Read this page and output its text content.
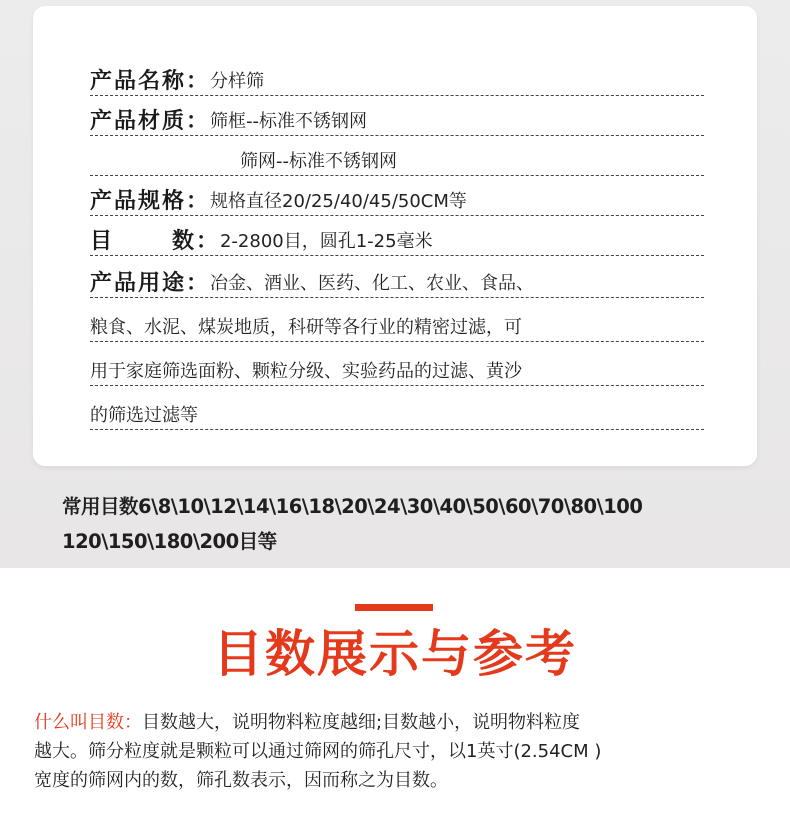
产品名称： 分样筛
产品材质： 筛框--标准不锈钢网
筛网--标准不锈钢网
产品规格： 规格直径20/25/40/45/50CM等
目      数： 2-2800目，圆孔1-25毫米
产品用途： 冶金、酒业、医药、化工、农业、食品、
粮食、水泥、煤炭地质，科研等各行业的精密过滤，可
用于家庭筛选面粉、颗粒分级、实验药品的过滤、黄沙
的筛选过滤等
常用目数6\8\10\12\14\16\18\20\24\30\40\50\60\70\80\100
120\150\180\200目等
目数展示与参考
什么叫目数：目数越大，说明物料粒度越细;目数越小，说明物料粒度
越大。筛分粒度就是颗粒可以通过筛网的筛孔尺寸，以1英寸(2.54CM )
宽度的筛网内的数，筛孔数表示，因而称之为目数。
